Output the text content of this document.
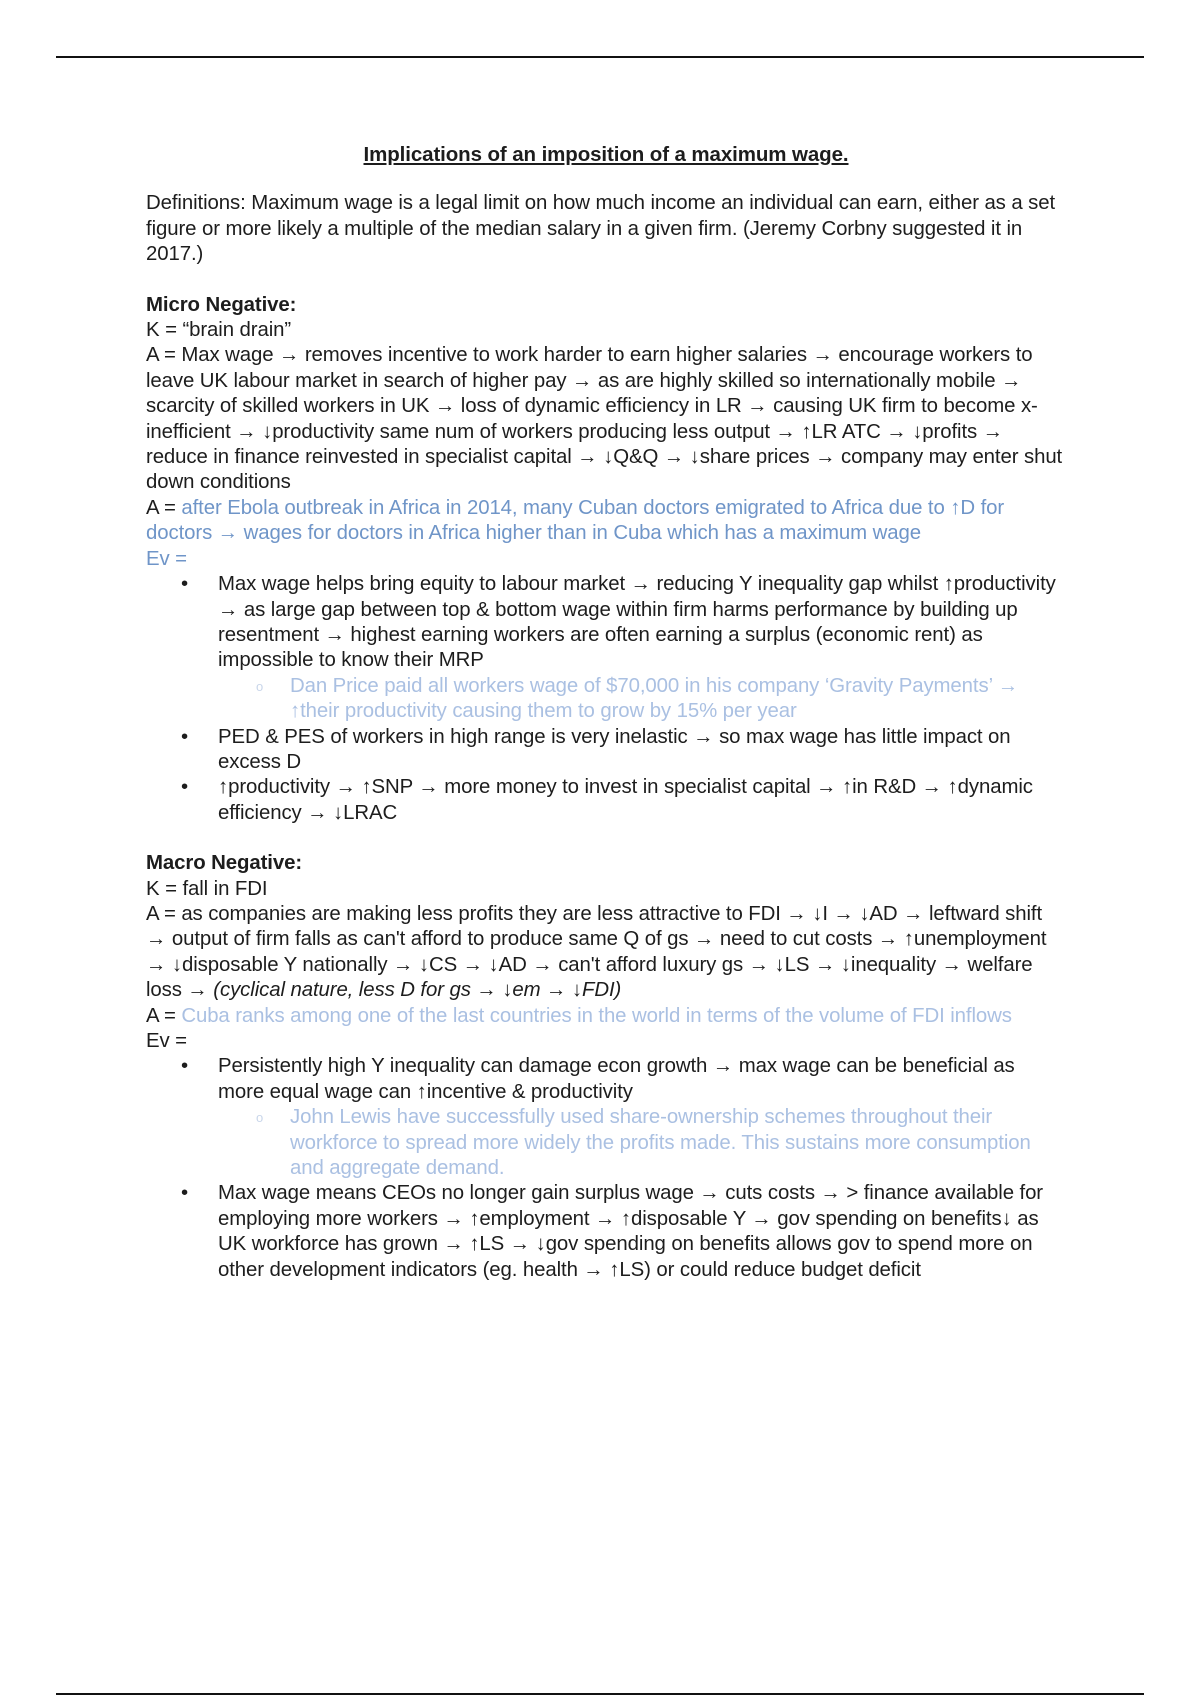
Implications of an imposition of a maximum wage.

Definitions: Maximum wage is a legal limit on how much income an individual can earn, either as a set figure or more likely a multiple of the median salary in a given firm. (Jeremy Corbny suggested it in 2017.)

Micro Negative:

K = “brain drain”

A = Max wage → removes incentive to work harder to earn higher salaries → encourage workers to leave UK labour market in search of higher pay → as are highly skilled so internationally mobile → scarcity of skilled workers in UK → loss of dynamic efficiency in LR → causing UK firm to become x-inefficient → ↓productivity same num of workers producing less output → ↑LR ATC → ↓profits → reduce in finance reinvested in specialist capital → ↓Q&Q → ↓share prices → company may enter shut down conditions

A = after Ebola outbreak in Africa in 2014, many Cuban doctors emigrated to Africa due to ↑D for doctors → wages for doctors in Africa higher than in Cuba which has a maximum wage

Ev =

• Max wage helps bring equity to labour market → reducing Y inequality gap whilst ↑productivity → as large gap between top & bottom wage within firm harms performance by building up resentment → highest earning workers are often earning a surplus (economic rent) as impossible to know their MRP
o Dan Price paid all workers wage of $70,000 in his company ‘Gravity Payments’ → ↑their productivity causing them to grow by 15% per year
• PED & PES of workers in high range is very inelastic → so max wage has little impact on excess D
• ↑productivity → ↑SNP → more money to invest in specialist capital → ↑in R&D → ↑dynamic efficiency → ↓LRAC

Macro Negative:

K = fall in FDI

A = as companies are making less profits they are less attractive to FDI → ↓I → ↓AD → leftward shift → output of firm falls as can't afford to produce same Q of gs → need to cut costs → ↑unemployment → ↓disposable Y nationally → ↓CS → ↓AD → can't afford luxury gs → ↓LS → ↓inequality → welfare loss → (cyclical nature, less D for gs → ↓em → ↓FDI)

A = Cuba ranks among one of the last countries in the world in terms of the volume of FDI inflows

Ev =

• Persistently high Y inequality can damage econ growth → max wage can be beneficial as more equal wage can ↑incentive & productivity
o John Lewis have successfully used share-ownership schemes throughout their workforce to spread more widely the profits made. This sustains more consumption and aggregate demand.
• Max wage means CEOs no longer gain surplus wage → cuts costs → > finance available for employing more workers → ↑employment → ↑disposable Y → gov spending on benefits↓ as UK workforce has grown → ↑LS → ↓gov spending on benefits allows gov to spend more on other development indicators (eg. health → ↑LS) or could reduce budget deficit
